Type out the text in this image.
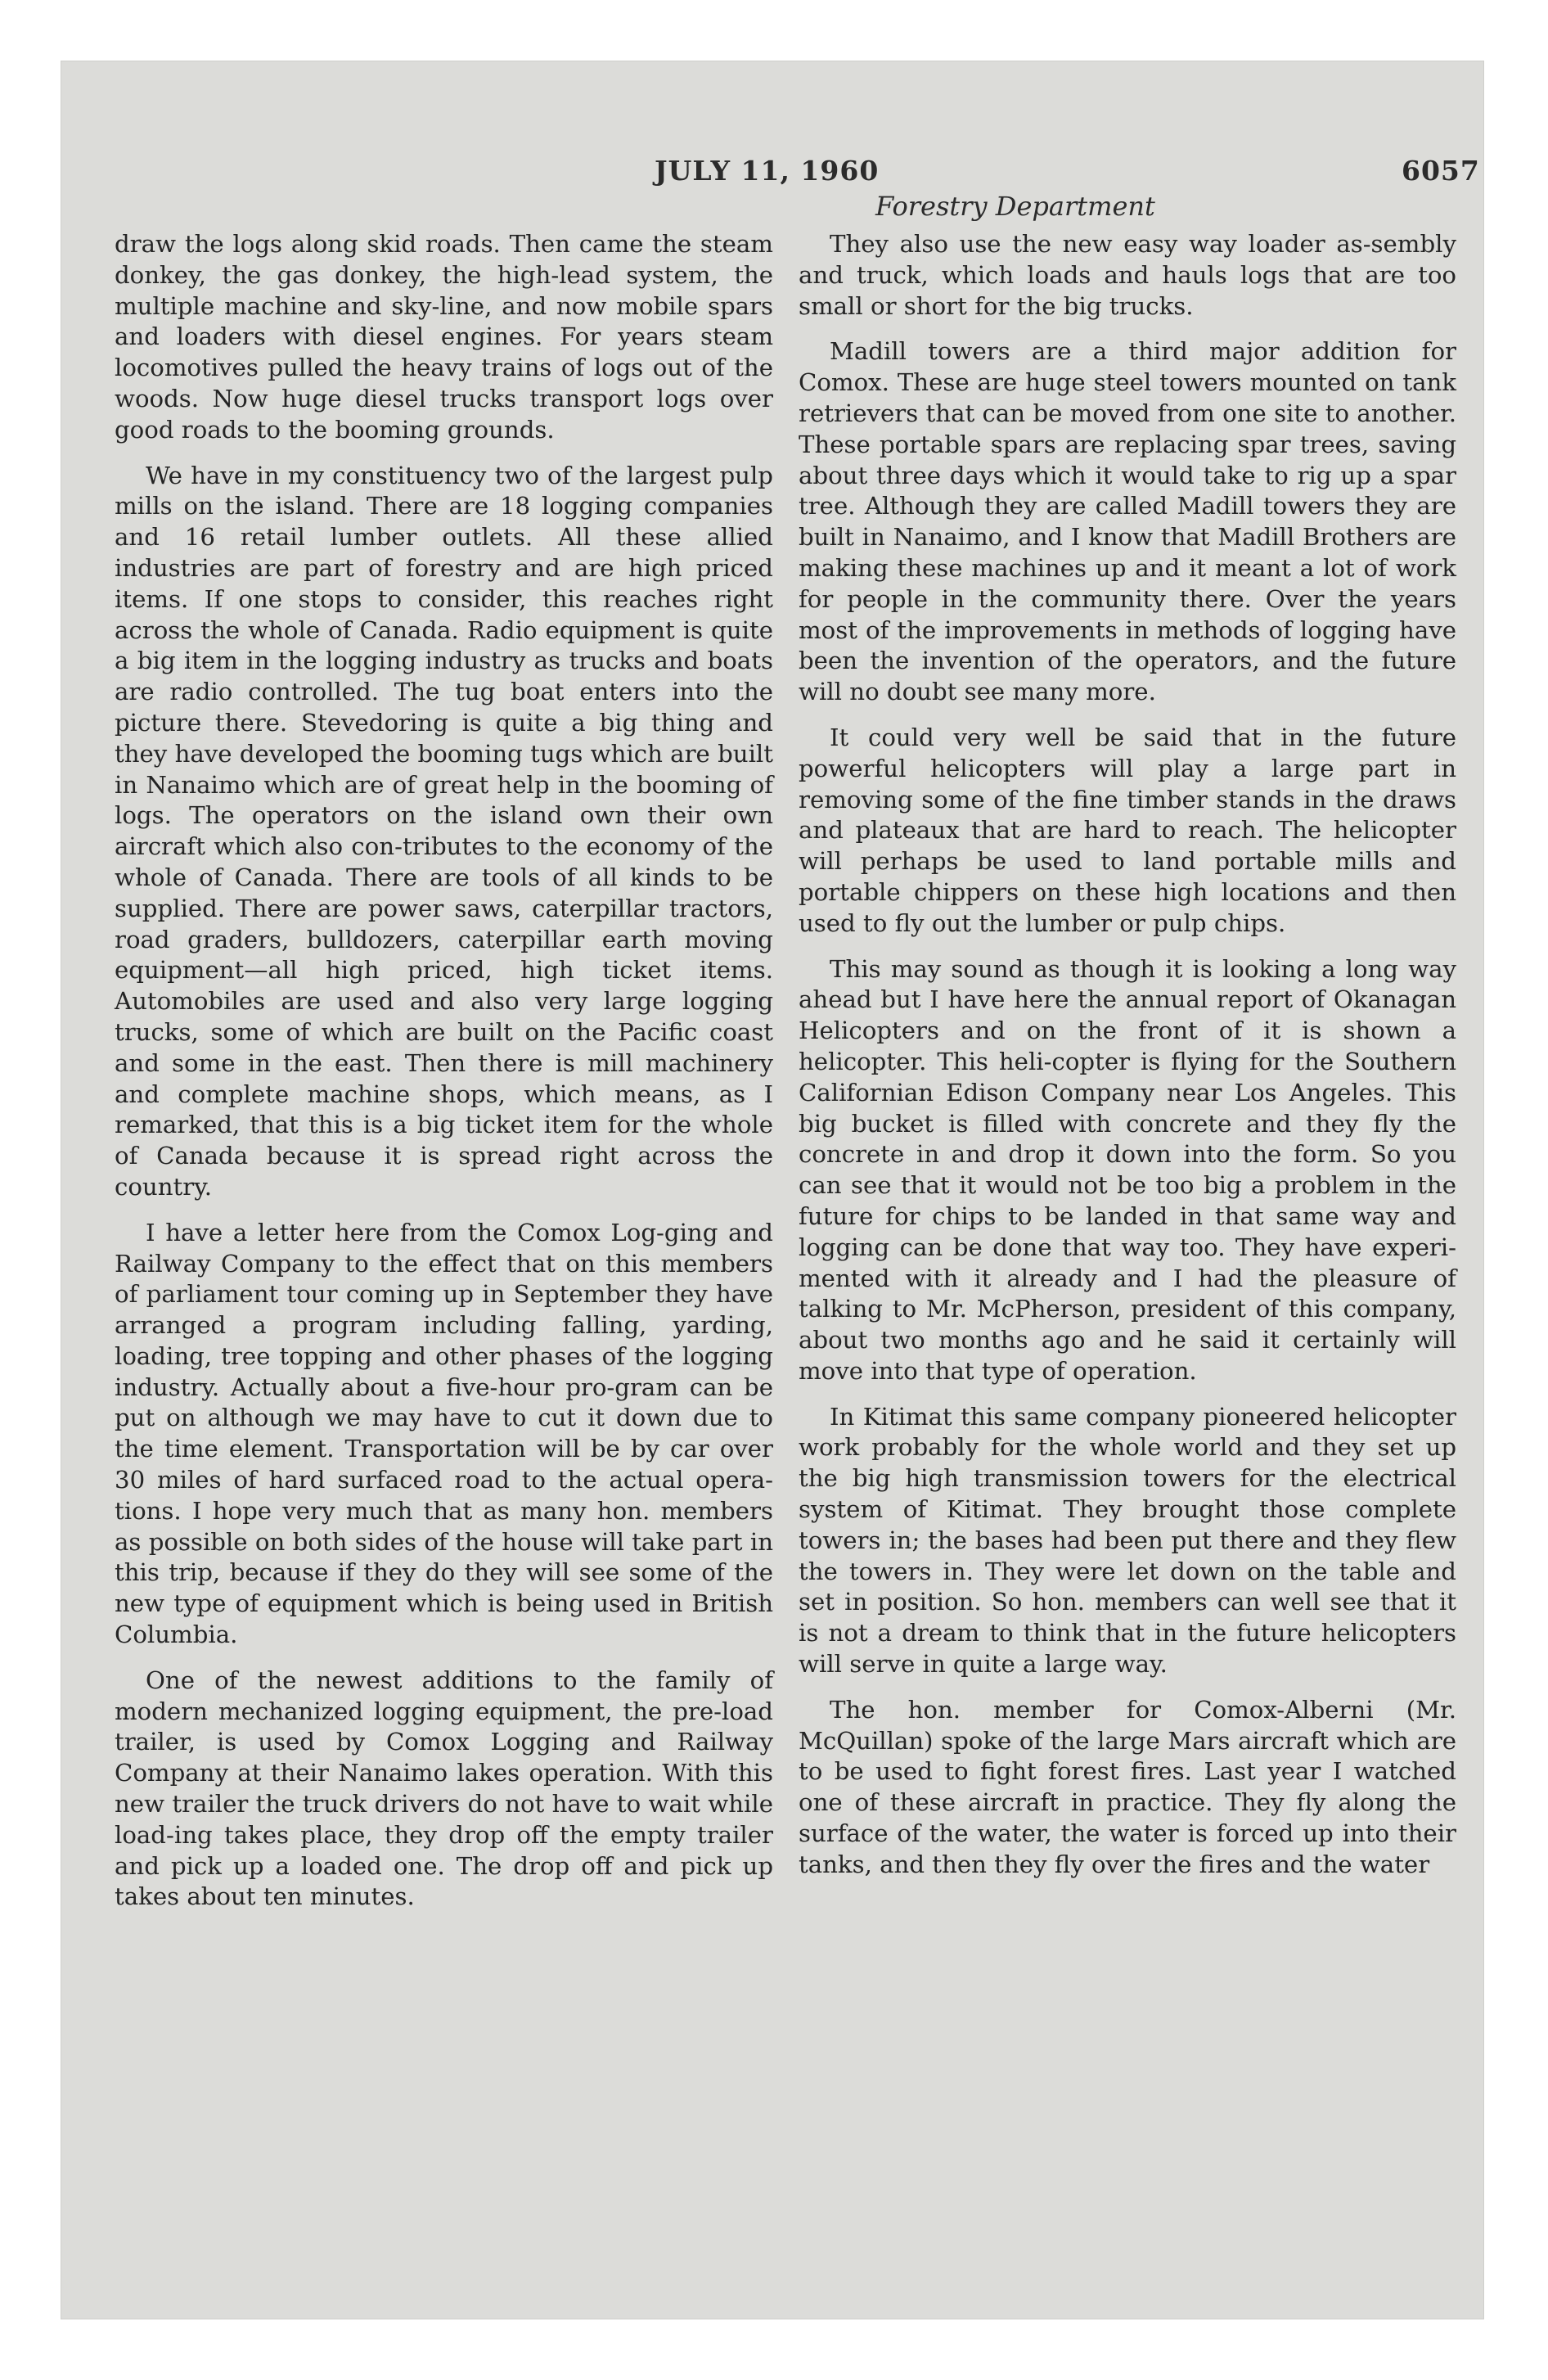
JULY 11, 1960	6057
Forestry Department

draw the logs along skid roads. Then came the steam donkey, the gas donkey, the high-lead system, the multiple machine and sky-line, and now mobile spars and loaders with diesel engines. For years steam locomotives pulled the heavy trains of logs out of the woods. Now huge diesel trucks transport logs over good roads to the booming grounds.

We have in my constituency two of the largest pulp mills on the island. There are 18 logging companies and 16 retail lumber outlets. All these allied industries are part of forestry and are high priced items. If one stops to consider, this reaches right across the whole of Canada. Radio equipment is quite a big item in the logging industry as trucks and boats are radio controlled. The tug boat enters into the picture there. Stevedoring is quite a big thing and they have developed the booming tugs which are built in Nanaimo which are of great help in the booming of logs. The operators on the island own their own aircraft which also con-tributes to the economy of the whole of Canada. There are tools of all kinds to be supplied. There are power saws, caterpillar tractors, road graders, bulldozers, caterpillar earth moving equipment—all high priced, high ticket items. Automobiles are used and also very large logging trucks, some of which are built on the Pacific coast and some in the east. Then there is mill machinery and complete machine shops, which means, as I remarked, that this is a big ticket item for the whole of Canada because it is spread right across the country.

I have a letter here from the Comox Log-ging and Railway Company to the effect that on this members of parliament tour coming up in September they have arranged a program including falling, yarding, loading, tree topping and other phases of the logging industry. Actually about a five-hour pro-gram can be put on although we may have to cut it down due to the time element. Transportation will be by car over 30 miles of hard surfaced road to the actual opera-tions. I hope very much that as many hon. members as possible on both sides of the house will take part in this trip, because if they do they will see some of the new type of equipment which is being used in British Columbia.

One of the newest additions to the family of modern mechanized logging equipment, the pre-load trailer, is used by Comox Logging and Railway Company at their Nanaimo lakes operation. With this new trailer the truck drivers do not have to wait while load-ing takes place, they drop off the empty trailer and pick up a loaded one. The drop off and pick up takes about ten minutes.

They also use the new easy way loader as-sembly and truck, which loads and hauls logs that are too small or short for the big trucks.

Madill towers are a third major addition for Comox. These are huge steel towers mounted on tank retrievers that can be moved from one site to another. These portable spars are replacing spar trees, saving about three days which it would take to rig up a spar tree. Although they are called Madill towers they are built in Nanaimo, and I know that Madill Brothers are making these machines up and it meant a lot of work for people in the community there. Over the years most of the improvements in methods of logging have been the invention of the operators, and the future will no doubt see many more.

It could very well be said that in the future powerful helicopters will play a large part in removing some of the fine timber stands in the draws and plateaux that are hard to reach. The helicopter will perhaps be used to land portable mills and portable chippers on these high locations and then used to fly out the lumber or pulp chips.

This may sound as though it is looking a long way ahead but I have here the annual report of Okanagan Helicopters and on the front of it is shown a helicopter. This heli-copter is flying for the Southern Californian Edison Company near Los Angeles. This big bucket is filled with concrete and they fly the concrete in and drop it down into the form. So you can see that it would not be too big a problem in the future for chips to be landed in that same way and logging can be done that way too. They have experi-mented with it already and I had the pleasure of talking to Mr. McPherson, president of this company, about two months ago and he said it certainly will move into that type of operation.

In Kitimat this same company pioneered helicopter work probably for the whole world and they set up the big high transmission towers for the electrical system of Kitimat. They brought those complete towers in; the bases had been put there and they flew the towers in. They were let down on the table and set in position. So hon. members can well see that it is not a dream to think that in the future helicopters will serve in quite a large way.

The hon. member for Comox-Alberni (Mr. McQuillan) spoke of the large Mars aircraft which are to be used to fight forest fires. Last year I watched one of these aircraft in practice. They fly along the surface of the water, the water is forced up into their tanks, and then they fly over the fires and the water
